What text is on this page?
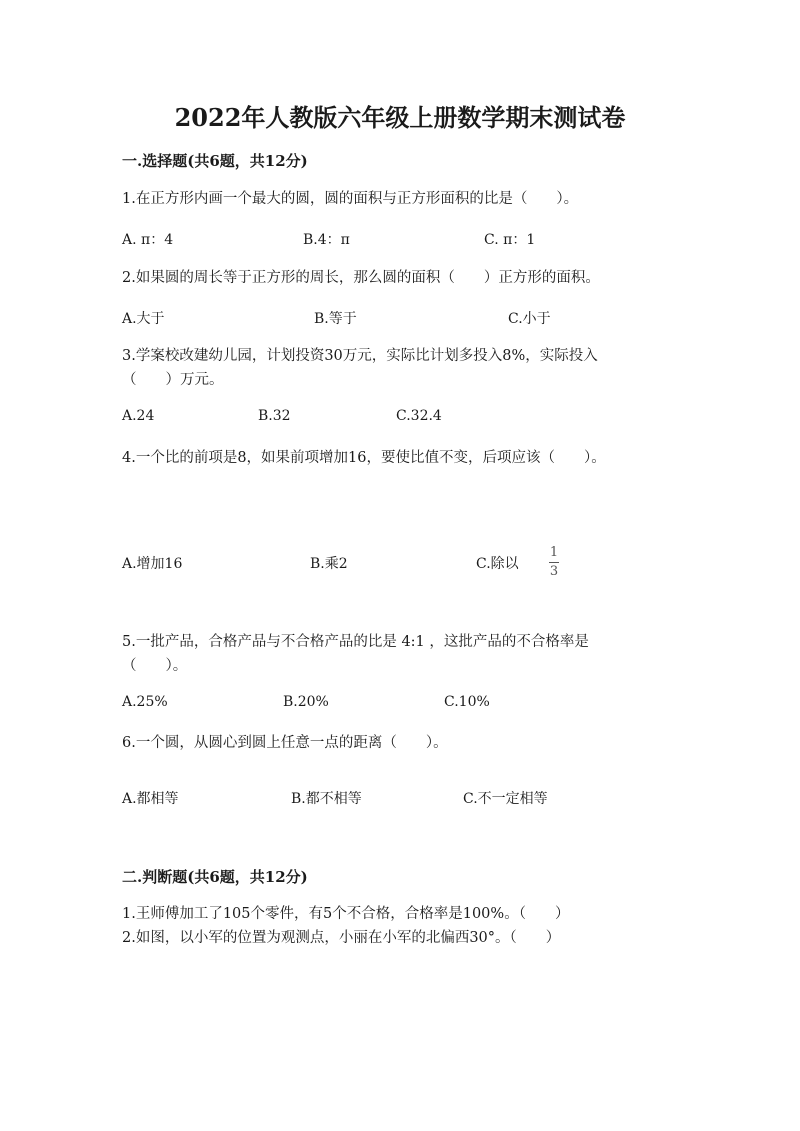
2022年人教版六年级上册数学期末测试卷
一.选择题(共6题，共12分)
1.在正方形内画一个最大的圆，圆的面积与正方形面积的比是（　　）。
A. π：4	B.4：π	C. π：1
2.如果圆的周长等于正方形的周长，那么圆的面积（　　）正方形的面积。
A.大于	B.等于	C.小于
3.学案校改建幼儿园，计划投资30万元，实际比计划多投入8%，实际投入
（　　）万元。
A.24	B.32	C.32.4
4.一个比的前项是8，如果前项增加16，要使比值不变，后项应该（　　）。
A.增加16	B.乘2	C.除以
1
3
5.一批产品，合格产品与不合格产品的比是 4:1 ，这批产品的不合格率是
（　　）。
A.25%	B.20%	C.10%
6.一个圆，从圆心到圆上任意一点的距离（　　）。
A.都相等	B.都不相等	C.不一定相等
二.判断题(共6题，共12分)
1.王师傅加工了105个零件，有5个不合格，合格率是100%。（　　）
2.如图，以小军的位置为观测点，小丽在小军的北偏西30°。（　　）
